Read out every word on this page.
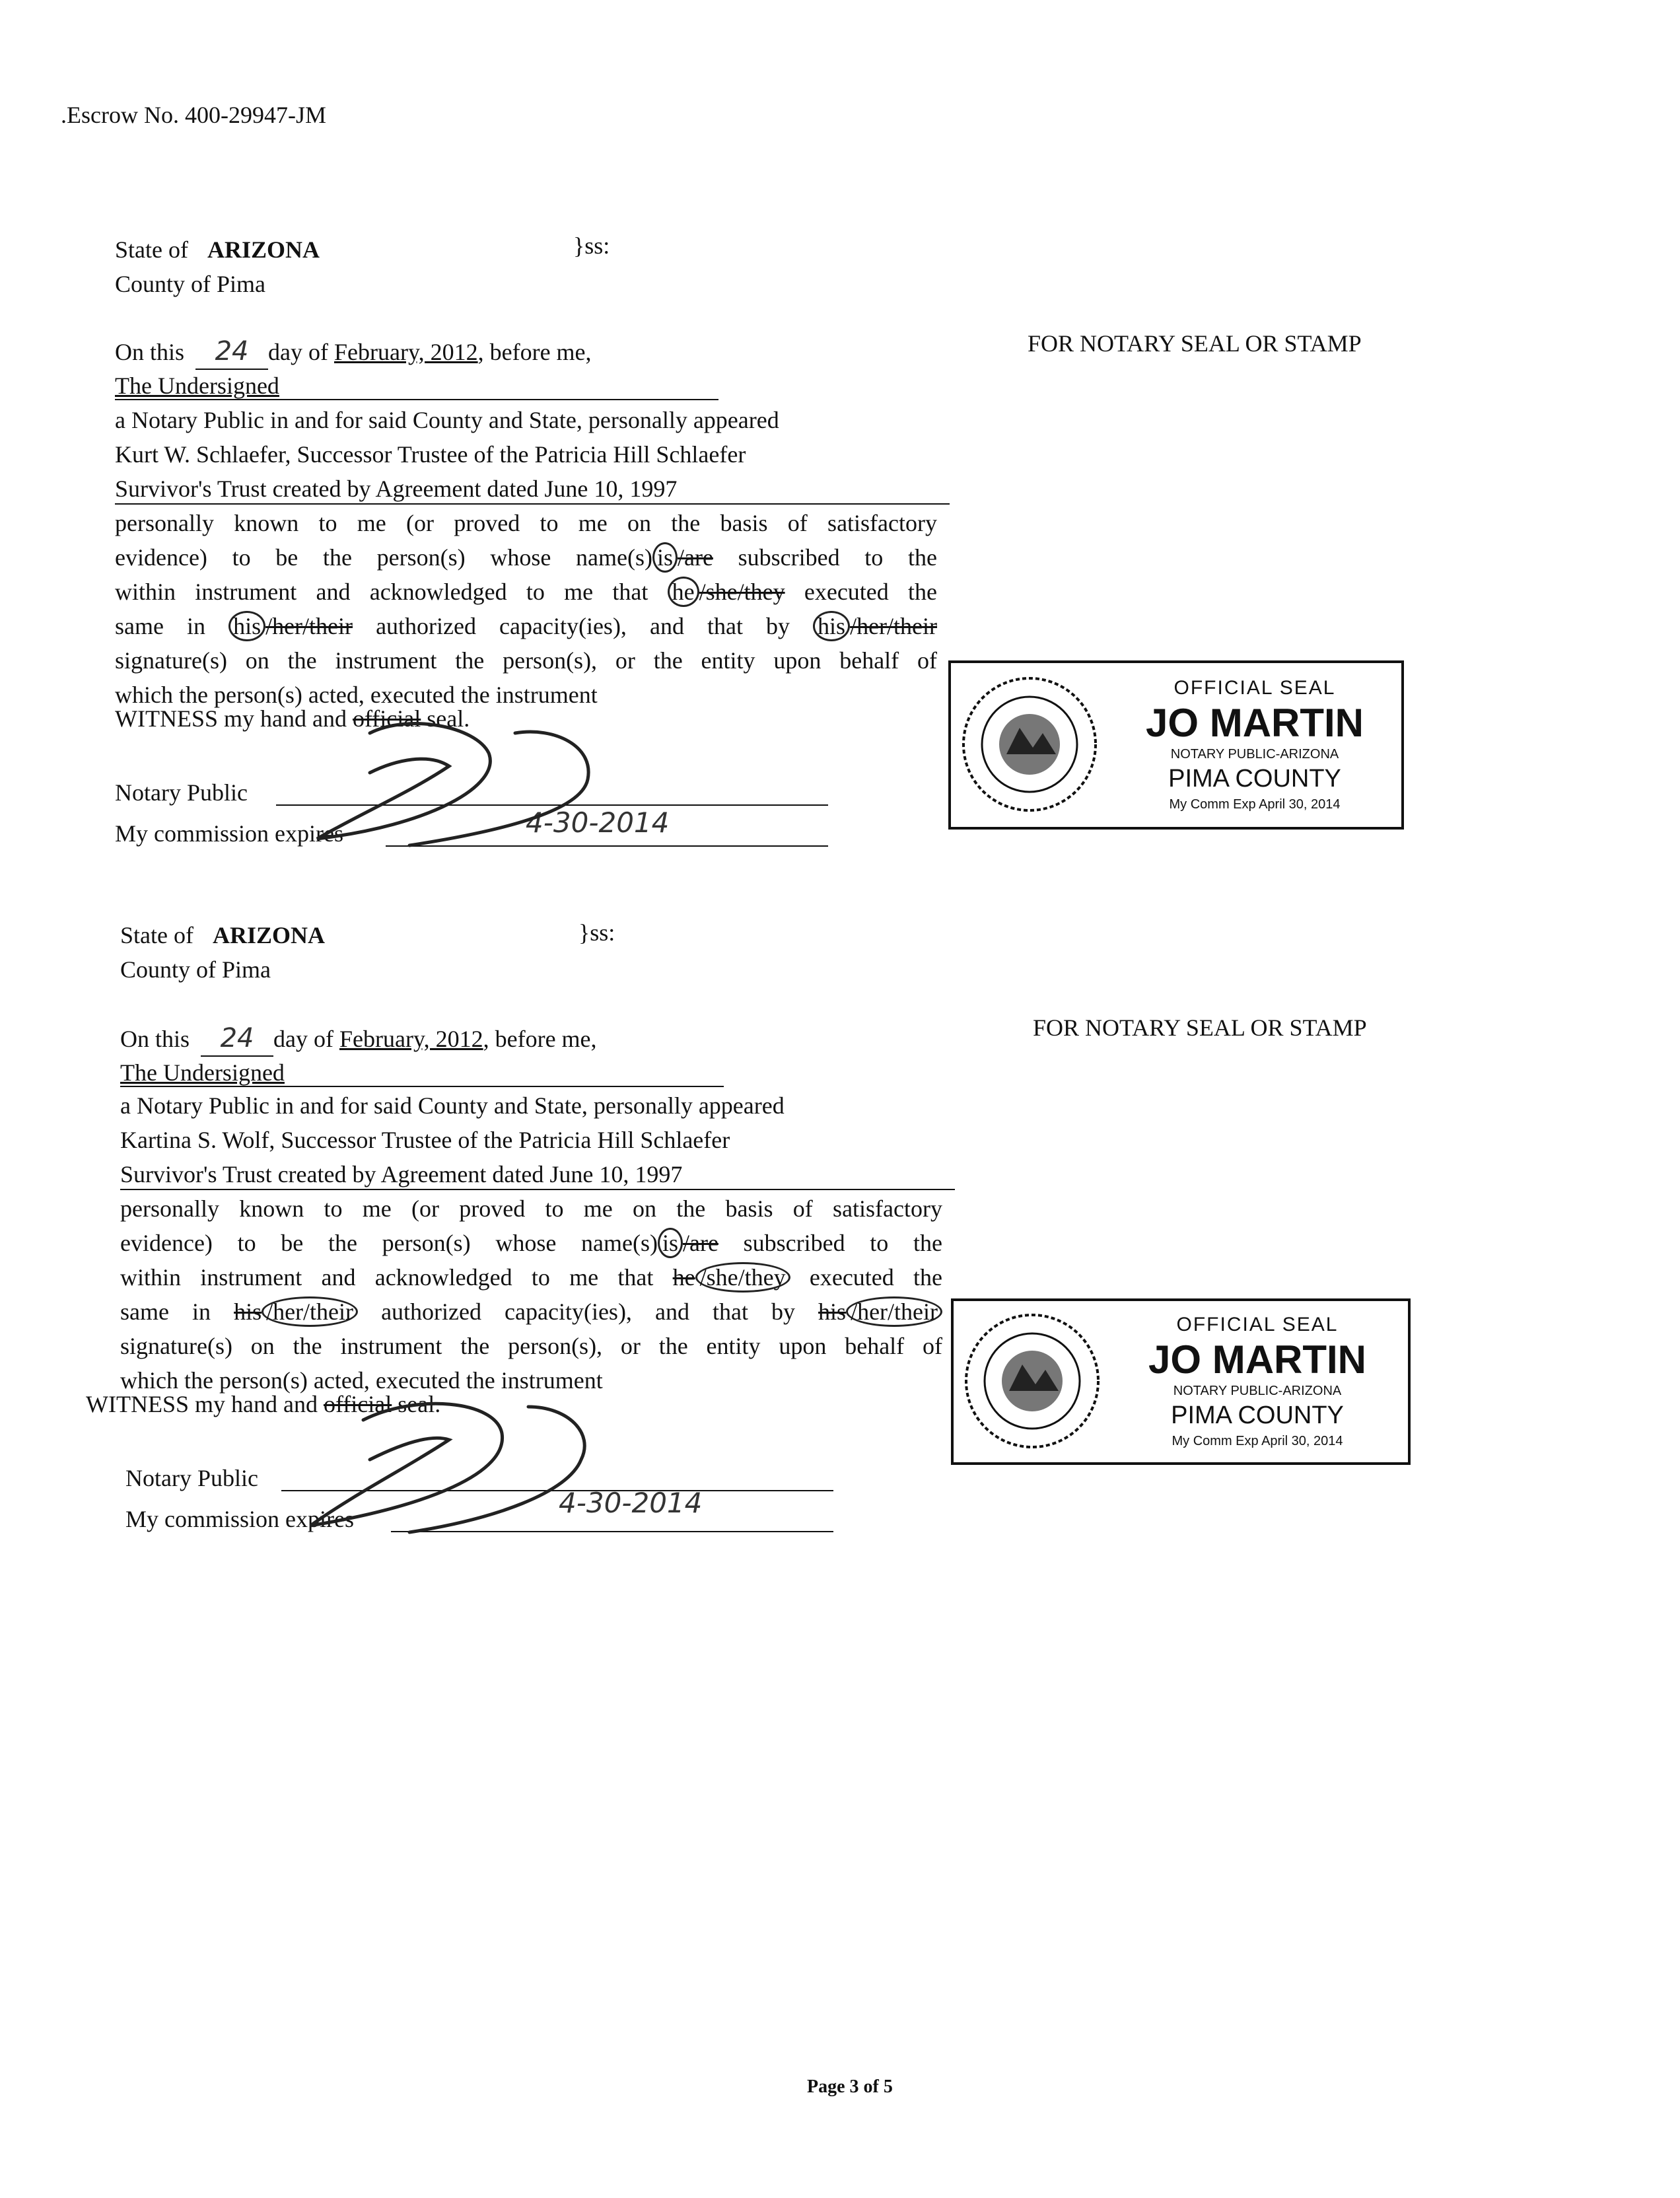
.Escrow No. 400-29947-JM
State of ARIZONA	}ss:
County of Pima
On this 24 day of February, 2012, before me,	FOR NOTARY SEAL OR STAMP
The Undersigned
a Notary Public in and for said County and State, personally appeared
Kurt W. Schlaefer, Successor Trustee of the Patricia Hill Schlaefer
Survivor's Trust created by Agreement dated June 10, 1997
personally known to me (or proved to me on the basis of satisfactory
evidence) to be the person(s) whose name(s) is /are subscribed to the
within instrument and acknowledged to me that he /she/they executed the
same in his /her/their authorized capacity(ies), and that by his /her/their
signature(s) on the instrument the person(s), or the entity upon behalf of
which the person(s) acted, executed the instrument
WITNESS my hand and official seal.
Notary Public
My commission expires	4-30-2014
OFFICIAL SEAL
JO MARTIN
NOTARY PUBLIC-ARIZONA
PIMA COUNTY
My Comm Exp April 30, 2014
State of ARIZONA	}ss:
County of Pima
On this 24 day of February, 2012, before me,	FOR NOTARY SEAL OR STAMP
The Undersigned
a Notary Public in and for said County and State, personally appeared
Kartina S. Wolf, Successor Trustee of the Patricia Hill Schlaefer
Survivor's Trust created by Agreement dated June 10, 1997
personally known to me (or proved to me on the basis of satisfactory
evidence) to be the person(s) whose name(s) is /are subscribed to the
within instrument and acknowledged to me that he /she/they executed the
same in his /her/their authorized capacity(ies), and that by his /her/their
signature(s) on the instrument the person(s), or the entity upon behalf of
which the person(s) acted, executed the instrument
WITNESS my hand and official seal.
Notary Public
My commission expires	4-30-2014
OFFICIAL SEAL
JO MARTIN
NOTARY PUBLIC-ARIZONA
PIMA COUNTY
My Comm Exp April 30, 2014
Page 3 of 5
